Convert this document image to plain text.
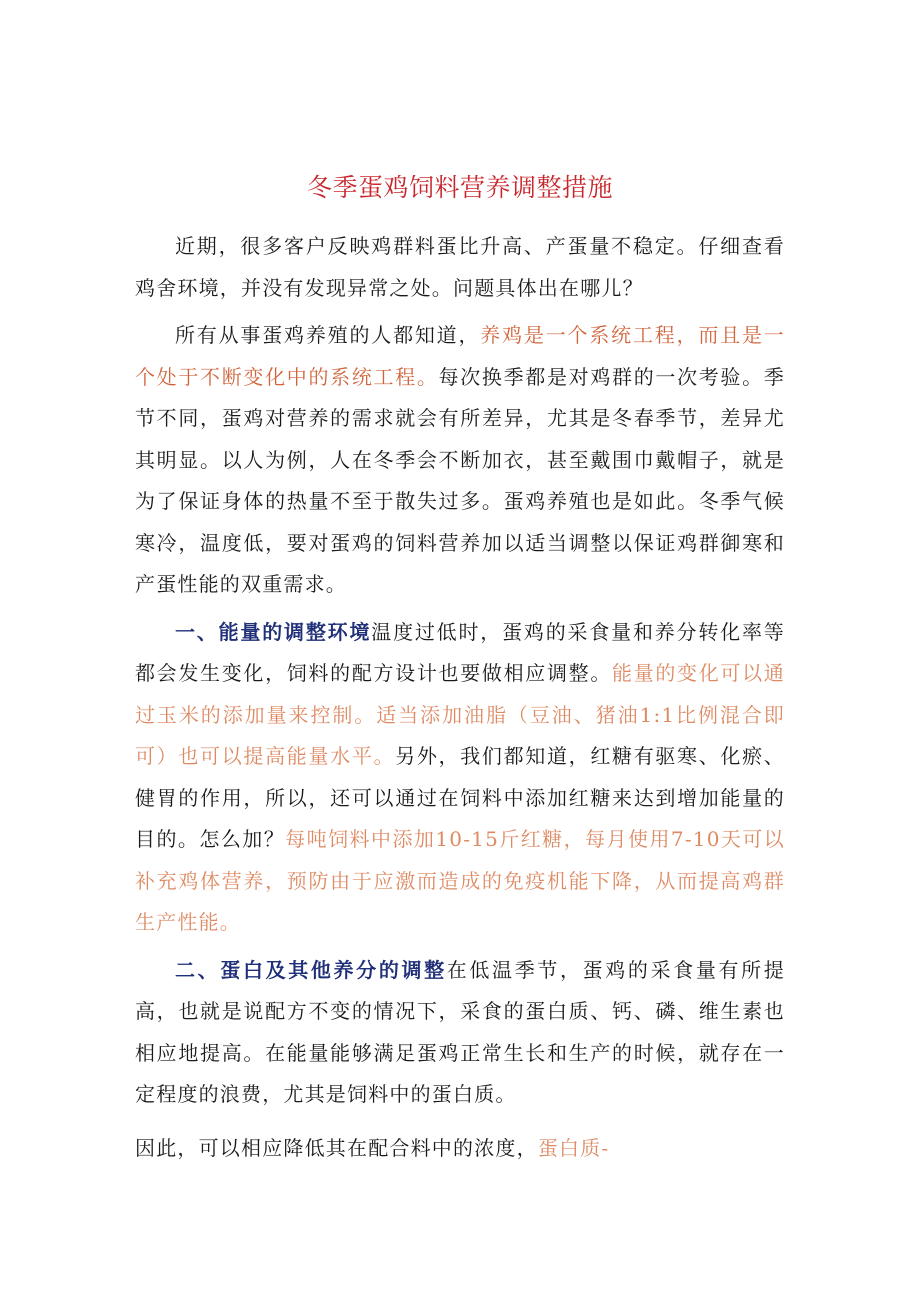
冬季蛋鸡饲料营养调整措施

近期，很多客户反映鸡群料蛋比升高、产蛋量不稳定。仔细查看鸡舍环境，并没有发现异常之处。问题具体出在哪儿？

所有从事蛋鸡养殖的人都知道，养鸡是一个系统工程，而且是一个处于不断变化中的系统工程。每次换季都是对鸡群的一次考验。季节不同，蛋鸡对营养的需求就会有所差异，尤其是冬春季节，差异尤其明显。以人为例，人在冬季会不断加衣，甚至戴围巾戴帽子，就是为了保证身体的热量不至于散失过多。蛋鸡养殖也是如此。冬季气候寒冷，温度低，要对蛋鸡的饲料营养加以适当调整以保证鸡群御寒和产蛋性能的双重需求。

一、能量的调整环境温度过低时，蛋鸡的采食量和养分转化率等都会发生变化，饲料的配方设计也要做相应调整。能量的变化可以通过玉米的添加量来控制。适当添加油脂（豆油、猪油1:1比例混合即可）也可以提高能量水平。另外，我们都知道，红糖有驱寒、化瘀、健胃的作用，所以，还可以通过在饲料中添加红糖来达到增加能量的目的。怎么加？每吨饲料中添加10-15斤红糖，每月使用7-10天可以补充鸡体营养，预防由于应激而造成的免疫机能下降，从而提高鸡群生产性能。

二、蛋白及其他养分的调整在低温季节，蛋鸡的采食量有所提高，也就是说配方不变的情况下，采食的蛋白质、钙、磷、维生素也相应地提高。在能量能够满足蛋鸡正常生长和生产的时候，就存在一定程度的浪费，尤其是饲料中的蛋白质。

因此，可以相应降低其在配合料中的浓度，蛋白质-
